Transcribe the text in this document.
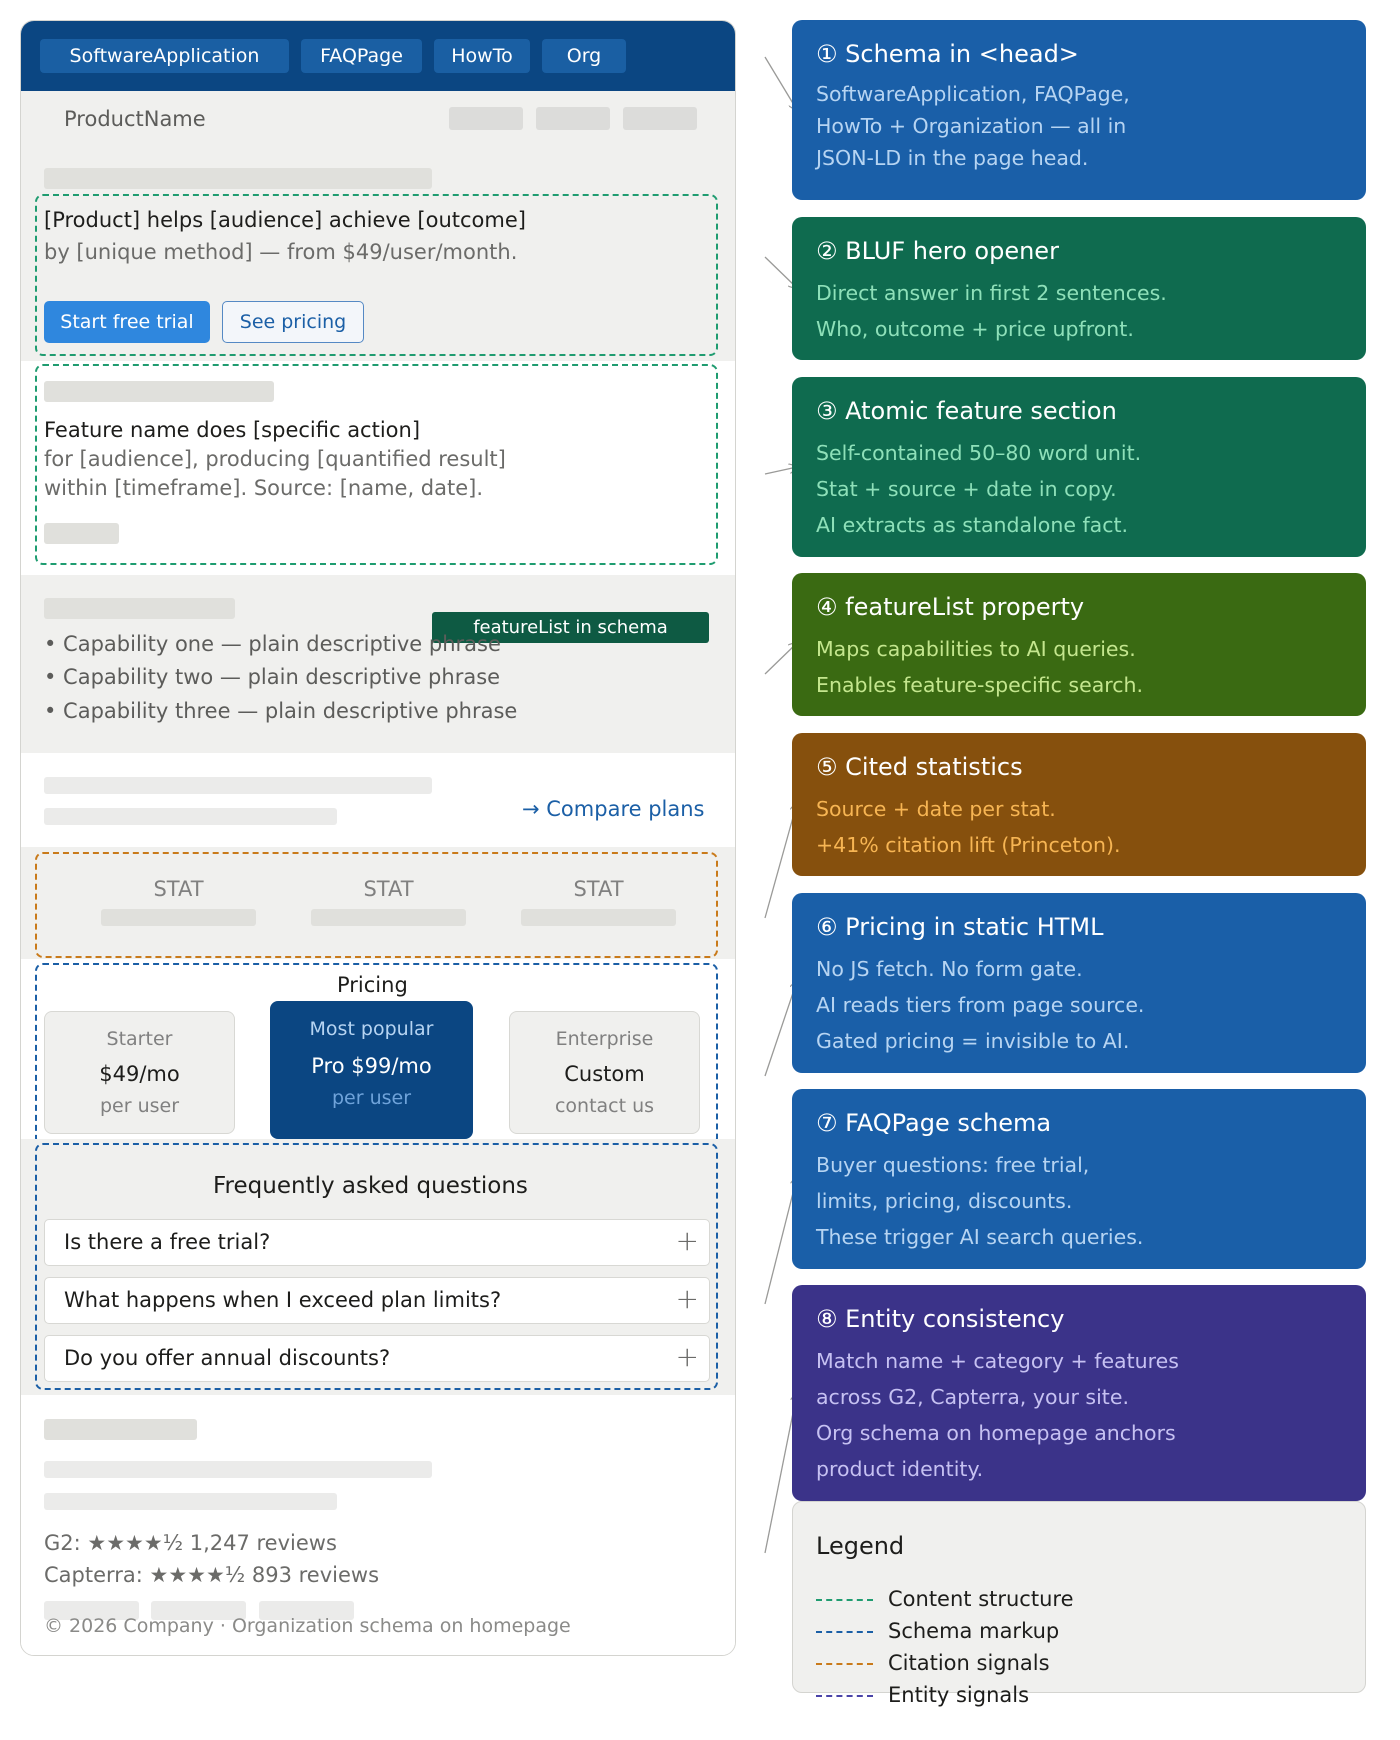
SoftwareApplication	FAQPage	HowTo	Org
ProductName
[Product] helps [audience] achieve [outcome]
by [unique method] — from $49/user/month.
Start free trial	See pricing
Feature name does [specific action]
for [audience], producing [quantified result]
within [timeframe]. Source: [name, date].
featureList in schema
• Capability one — plain descriptive phrase
• Capability two — plain descriptive phrase
• Capability three — plain descriptive phrase
→ Compare plans
STAT	STAT	STAT
Pricing
Starter
$49/mo
per user
Most popular
Pro $99/mo
per user
Enterprise
Custom
contact us
Frequently asked questions
Is there a free trial?	+
What happens when I exceed plan limits?	+
Do you offer annual discounts?	+
G2: ★★★★½ 1,247 reviews
Capterra: ★★★★½ 893 reviews
© 2026 Company · Organization schema on homepage
① Schema in <head>
SoftwareApplication, FAQPage,
HowTo + Organization — all in
JSON-LD in the page head.
② BLUF hero opener
Direct answer in first 2 sentences.
Who, outcome + price upfront.
③ Atomic feature section
Self-contained 50–80 word unit.
Stat + source + date in copy.
AI extracts as standalone fact.
④ featureList property
Maps capabilities to AI queries.
Enables feature-specific search.
⑤ Cited statistics
Source + date per stat.
+41% citation lift (Princeton).
⑥ Pricing in static HTML
No JS fetch. No form gate.
AI reads tiers from page source.
Gated pricing = invisible to AI.
⑦ FAQPage schema
Buyer questions: free trial,
limits, pricing, discounts.
These trigger AI search queries.
⑧ Entity consistency
Match name + category + features
across G2, Capterra, your site.
Org schema on homepage anchors
product identity.
Legend
Content structure
Schema markup
Citation signals
Entity signals
